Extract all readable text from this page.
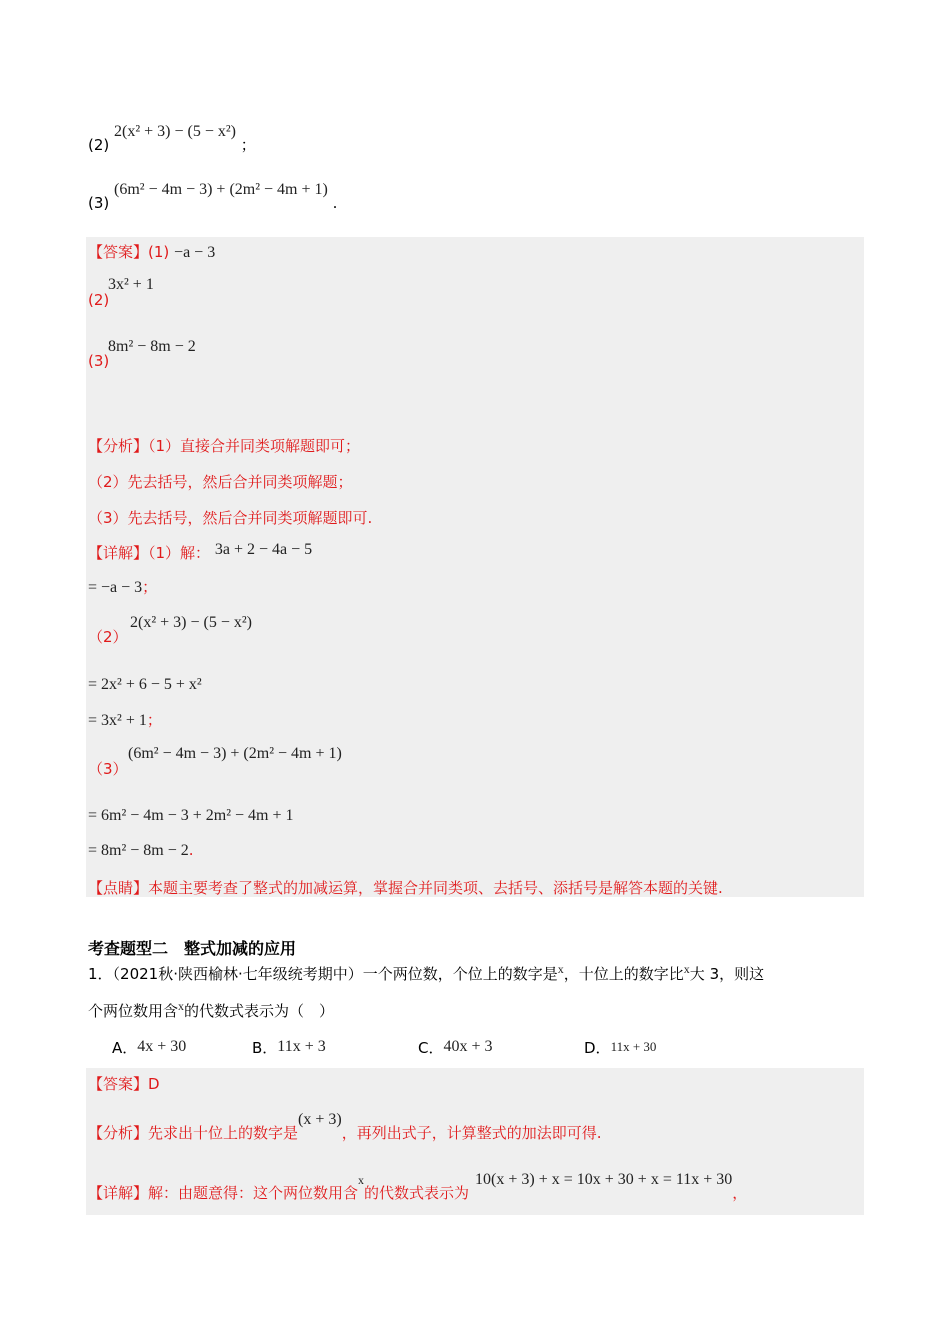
(2) 2(x² + 3) − (5 − x²) ；
(3) (6m² − 4m − 3) + (2m² − 4m + 1) .
【答案】(1) −a − 3
3x² + 1
(2)
8m² − 8m − 2
(3)
【分析】（1）直接合并同类项解题即可；
（2）先去括号，然后合并同类项解题；
（3）先去括号，然后合并同类项解题即可.
【详解】（1）解： 3a + 2 − 4a − 5
= −a − 3；
2(x² + 3) − (5 − x²)
（2）
= 2x² + 6 − 5 + x²
= 3x² + 1；
(6m² − 4m − 3) + (2m² − 4m + 1)
（3）
= 6m² − 4m − 3 + 2m² − 4m + 1
= 8m² − 8m − 2.
【点睛】本题主要考查了整式的加减运算，掌握合并同类项、去括号、添括号是解答本题的关键.
考查题型二　整式加减的应用
1．（2021秋·陕西榆林·七年级统考期中）一个两位数，个位上的数字是$^x$，十位上的数字比$^x$大 3，则这
个两位数用含$^x$的代数式表示为（　）
A．4x + 30	B．11x + 3	C．40x + 3	D．11x + 30
【答案】D
【分析】先求出十位上的数字是(x + 3)，再列出式子，计算整式的加法即可得.
【详解】解：由题意得：这个两位数用含x的代数式表示为10(x + 3) + x = 10x + 30 + x = 11x + 30，
